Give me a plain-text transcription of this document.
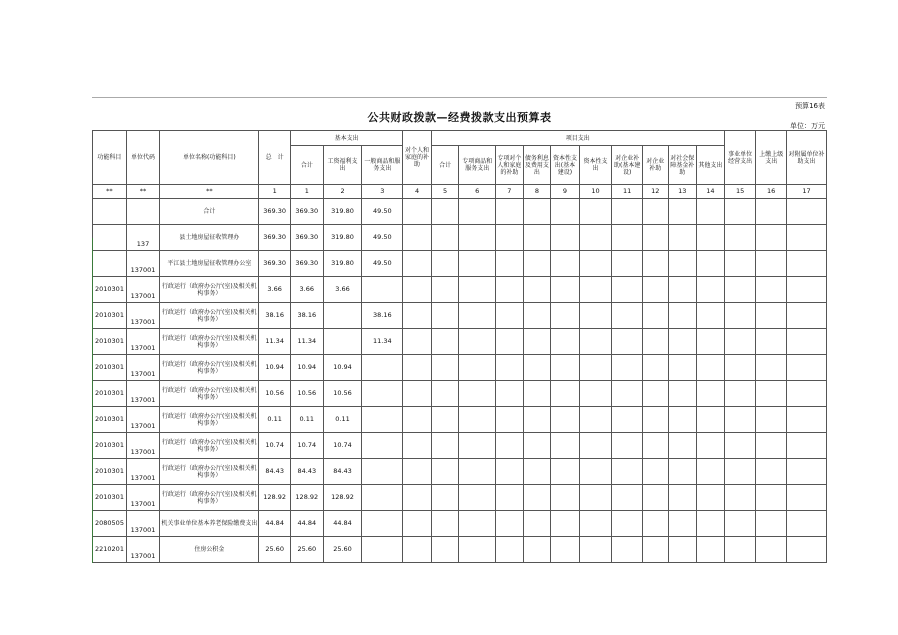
预算16表
公共财政拨款—经费拨款支出预算表
单位：万元
功能科目	单位代码	单位名称(功能科目)	总　计	基本支出			对个人和家庭的补助	项目支出										事业单位经营支出	上缴上级支出	对附属单位补助支出
				合计	工资福利支出	一般商品和服务支出		合计	专项商品和服务支出	专项对个人和家庭的补助	债务利息及费用支出	资本性支出(基本建设)	资本性支出	对企业补助(基本建设)	对企业补助	对社会保障基金补助	其他支出			
**	**	**	1	1	2	3	4	5	6	7	8	9	10	11	12	13	14	15	16	17
		合计	369.30	369.30	319.80	49.50														
	137	县土地房屋征收管理办	369.30	369.30	319.80	49.50														
	137001	平江县土地房屋征收管理办公室	369.30	369.30	319.80	49.50														
2010301	137001	行政运行（政府办公厅(室)及相关机构事务）	3.66	3.66	3.66															
2010301	137001	行政运行（政府办公厅(室)及相关机构事务）	38.16	38.16		38.16														
2010301	137001	行政运行（政府办公厅(室)及相关机构事务）	11.34	11.34		11.34														
2010301	137001	行政运行（政府办公厅(室)及相关机构事务）	10.94	10.94	10.94															
2010301	137001	行政运行（政府办公厅(室)及相关机构事务）	10.56	10.56	10.56															
2010301	137001	行政运行（政府办公厅(室)及相关机构事务）	0.11	0.11	0.11															
2010301	137001	行政运行（政府办公厅(室)及相关机构事务）	10.74	10.74	10.74															
2010301	137001	行政运行（政府办公厅(室)及相关机构事务）	84.43	84.43	84.43															
2010301	137001	行政运行（政府办公厅(室)及相关机构事务）	128.92	128.92	128.92															
2080505	137001	机关事业单位基本养老保险缴费支出	44.84	44.84	44.84															
2210201	137001	住房公积金	25.60	25.60	25.60															
